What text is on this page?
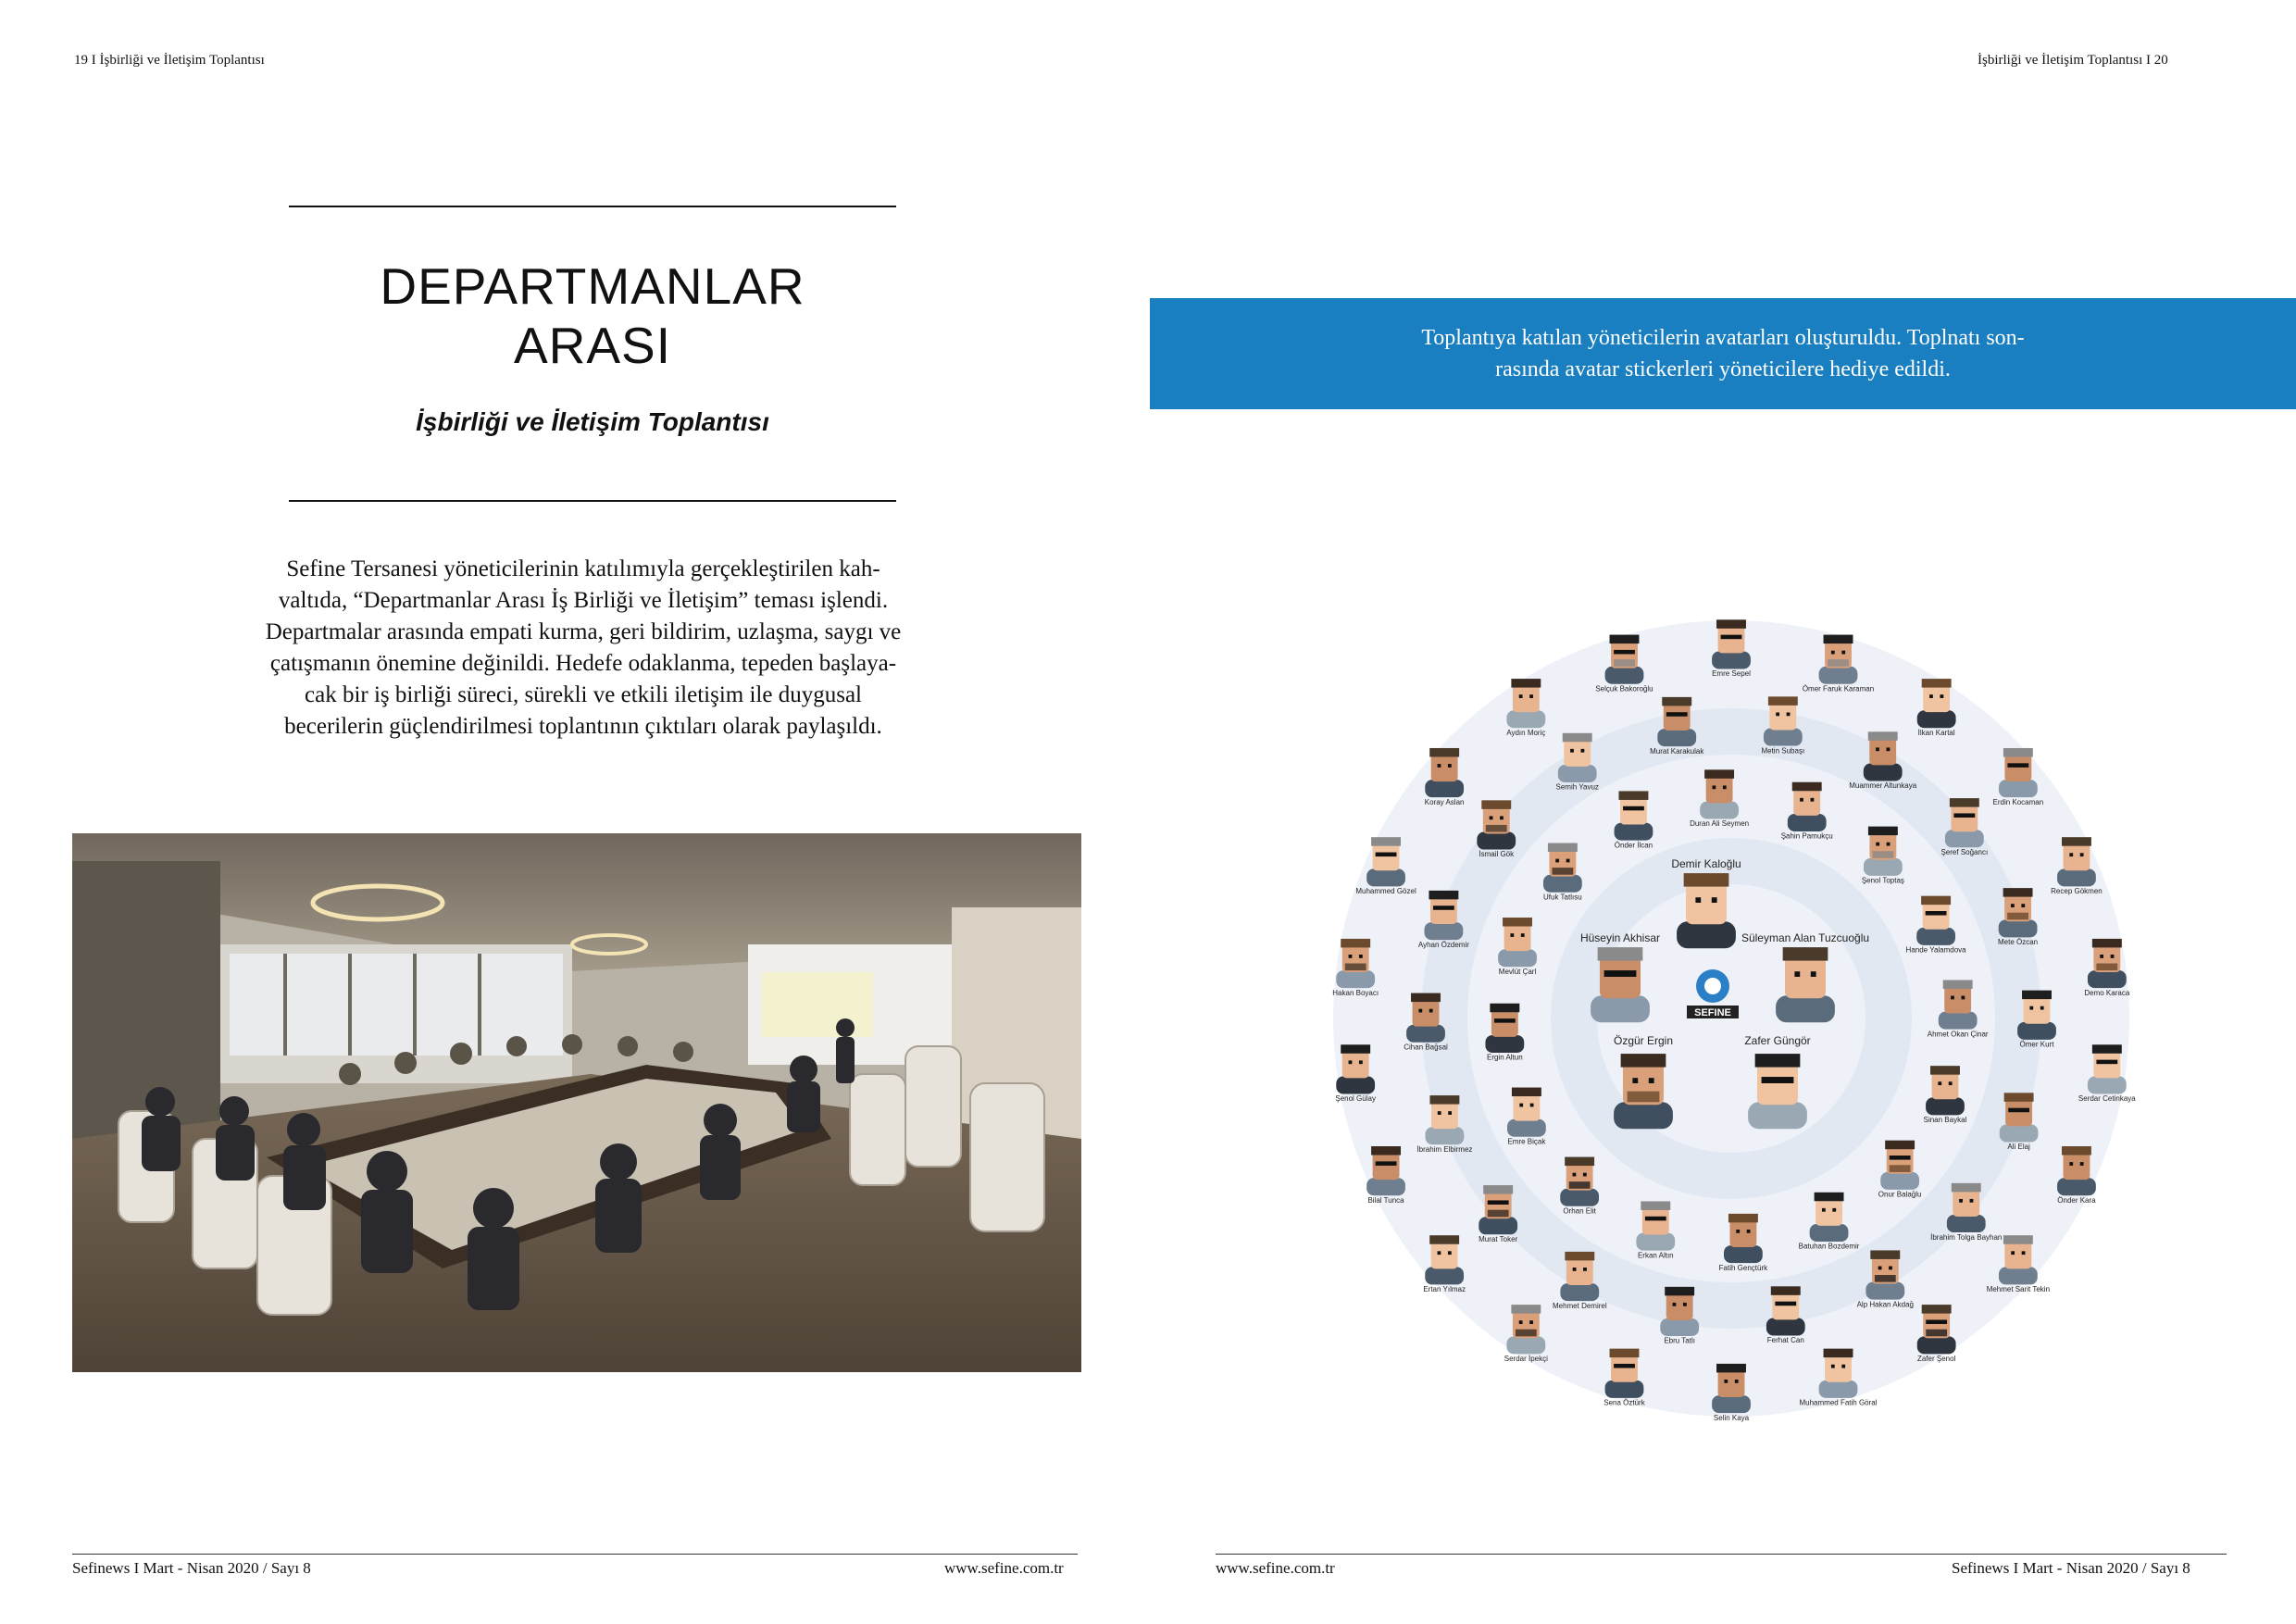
19 I İşbirliği ve İletişim Toplantısı
DEPARTMANLAR
ARASI
İşbirliği ve İletişim Toplantısı
Sefine Tersanesi yöneticilerinin katılımıyla gerçekleştirilen kah-
valtıda, “Departmanlar Arası İş Birliği ve İletişim” teması işlendi.
Departmalar arasında empati kurma, geri bildirim, uzlaşma, saygı ve
çatışmanın önemine değinildi. Hedefe odaklanma, tepeden başlaya-
cak bir iş birliği süreci, sürekli ve etkili iletişim ile duygusal
becerilerin güçlendirilmesi toplantının çıktıları olarak paylaşıldı.
Sefinews I Mart - Nisan 2020 / Sayı 8	www.sefine.com.tr
İşbirliği ve İletişim Toplantısı I 20
Toplantıya katılan yöneticilerin avatarları oluşturuldu. Toplnatı son-
rasında avatar stickerleri yöneticilere hediye edildi.
Emre Sepel
Ömer Faruk Karaman
İlkan Kartal
Erdin Kocaman
Recep Gökmen
Demo Karaca
Serdar Cetinkaya
Önder Kara
Mehmet Sarit Tekin
Zafer Şenol
Muhammed Fatih Göral
Selin Kaya
Sena Öztürk
Serdar İpekçi
Ertan Yılmaz
Bilal Tunca
Şenol Gülay
Hakan Boyacı
Muhammed Gözel
Koray Aslan
Aydın Moriç
Selçuk Bakoroğlu
Metin Subaşı
Muammer Altunkaya
Şeref Soğancı
Mete Özcan
Ömer Kurt
Ali Elaj
İbrahim Tolga Bayhan
Alp Hakan Akdağ
Ferhat Can
Ebru Tatlı
Mehmet Demirel
Murat Toker
İbrahim Elbirmez
Cihan Bağsal
Ayhan Özdemir
İsmail Gök
Semih Yavuz
Murat Karakulak
Şahin Pamukçu
Şenol Toptaş
Hande Yalamdova
Ahmet Okan Çinar
Sinan Baykal
Onur Balağlu
Batuhan Bozdemir
Fatih Gençtürk
Erkan Altın
Orhan Elit
Emre Biçak
Ergin Altun
Mevlüt Çarl
Ufuk Tatlısu
Önder İlcan
Duran Ali Seymen
Demir Kaloğlu
Hüseyin Akhisar	Süleyman Alan Tuzcuoğlu
Özgür Ergin	Zafer Güngör
SEFINE
www.sefine.com.tr	Sefinews I Mart - Nisan 2020 / Sayı 8
